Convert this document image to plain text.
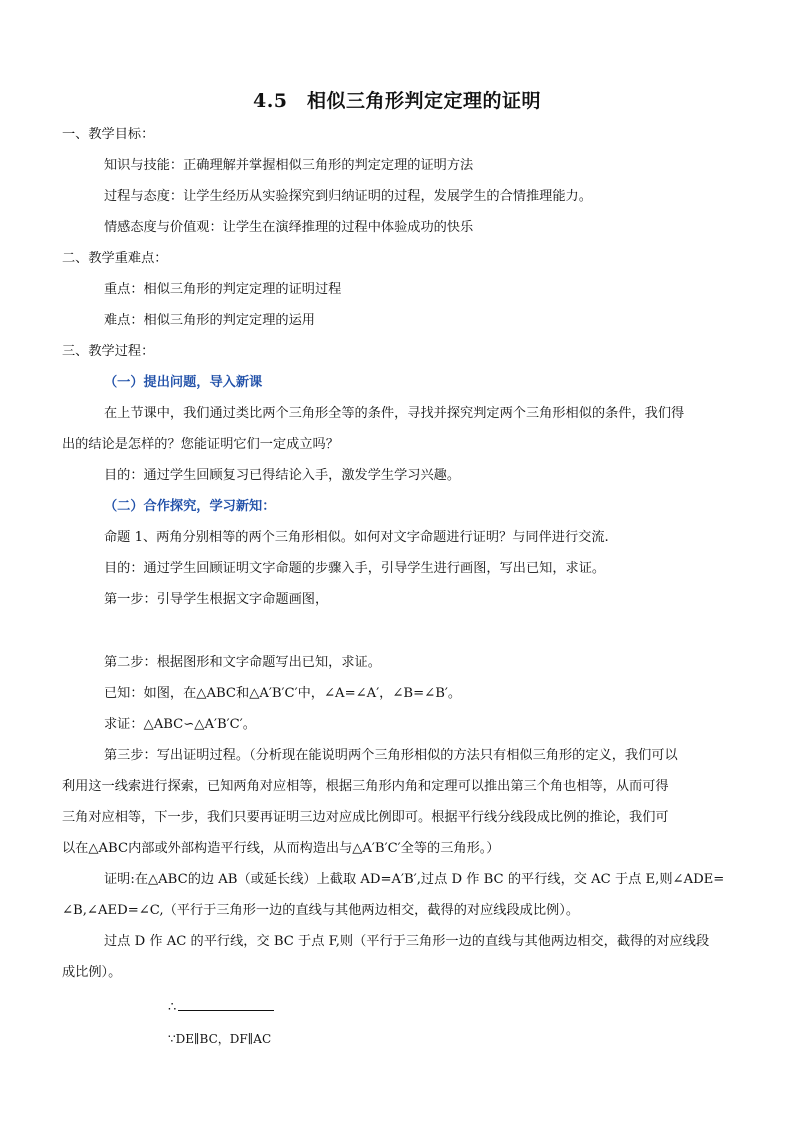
4.5　相似三角形判定定理的证明

一、教学目标：

知识与技能：正确理解并掌握相似三角形的判定定理的证明方法

过程与态度：让学生经历从实验探究到归纳证明的过程，发展学生的合情推理能力。

情感态度与价值观：让学生在演绎推理的过程中体验成功的快乐

二、教学重难点：

重点：相似三角形的判定定理的证明过程

难点：相似三角形的判定定理的运用

三、教学过程：

（一）提出问题，导入新课

在上节课中，我们通过类比两个三角形全等的条件，寻找并探究判定两个三角形相似的条件，我们得

出的结论是怎样的？您能证明它们一定成立吗？

目的：通过学生回顾复习已得结论入手，激发学生学习兴趣。

（二）合作探究，学习新知：

命题 1、两角分别相等的两个三角形相似。如何对文字命题进行证明？与同伴进行交流.

目的：通过学生回顾证明文字命题的步骤入手，引导学生进行画图，写出已知，求证。

第一步：引导学生根据文字命题画图，

第二步：根据图形和文字命题写出已知，求证。

已知：如图，在△ABC和△A′B′C′中，∠A=∠A′，∠B=∠B′。

求证：△ABC∽△A′B′C′。

第三步：写出证明过程。（分析现在能说明两个三角形相似的方法只有相似三角形的定义，我们可以

利用这一线索进行探索，已知两角对应相等，根据三角形内角和定理可以推出第三个角也相等，从而可得

三角对应相等，下一步，我们只要再证明三边对应成比例即可。根据平行线分线段成比例的推论，我们可

以在△ABC内部或外部构造平行线，从而构造出与△A′B′C′全等的三角形。）

证明:在△ABC的边 AB（或延长线）上截取 AD=A′B′,过点 D 作 BC 的平行线，交 AC 于点 E,则∠ADE=

∠B,∠AED=∠C,（平行于三角形一边的直线与其他两边相交，截得的对应线段成比例）。

过点 D 作 AC 的平行线，交 BC 于点 F,则（平行于三角形一边的直线与其他两边相交，截得的对应线段

成比例）。

∴

∵DE∥BC，DF∥AC
